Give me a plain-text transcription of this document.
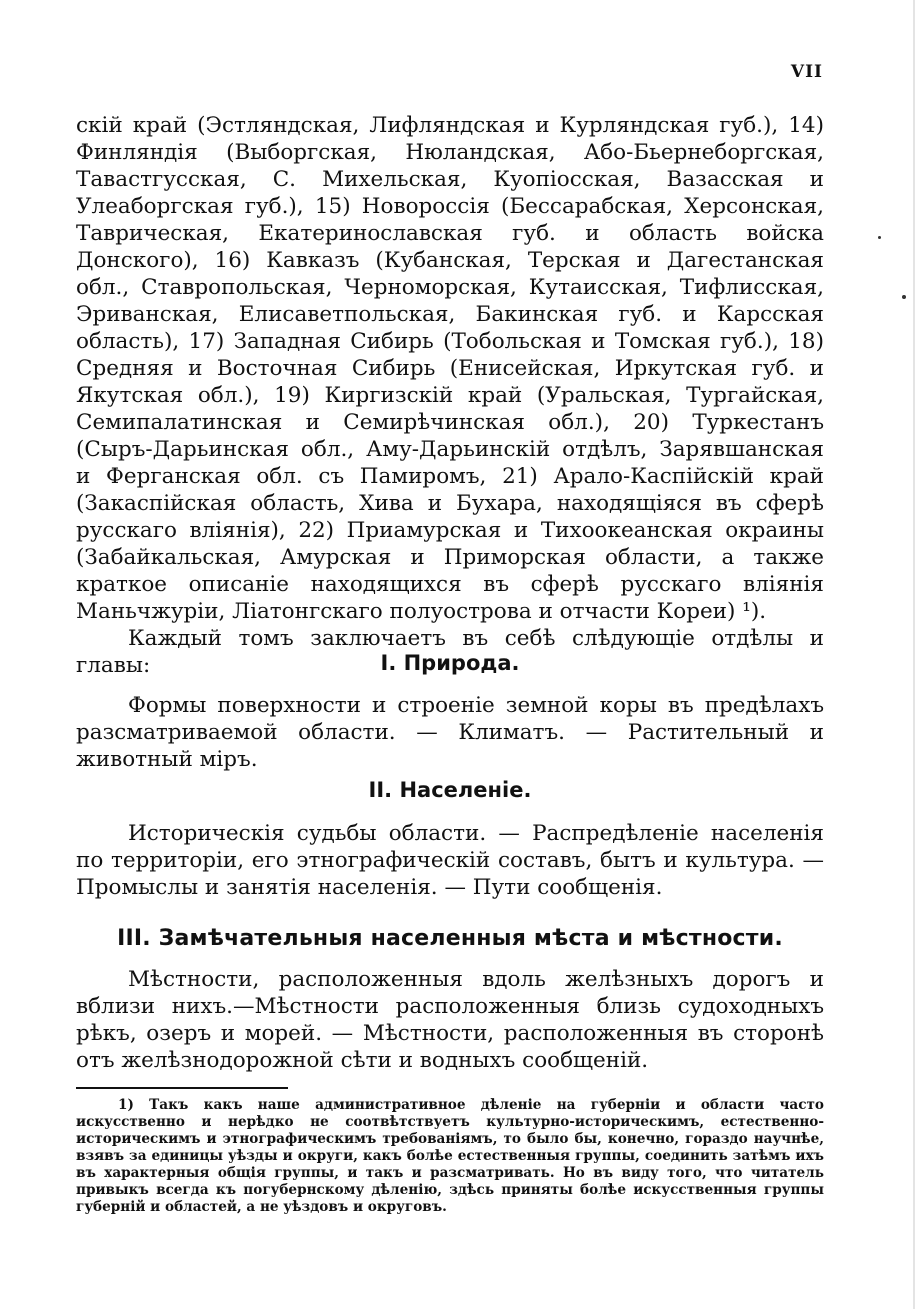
VII

скій край (Эстляндская, Лифляндская и Курляндская губ.), 14) Финляндія (Выборгская, Нюландская, Або-Бьернеборгская, Тавастгусская, С. Михельская, Куопіосская, Вазасская и Улеаборгская губ.), 15) Новороссія (Бессарабская, Херсонская, Таврическая, Екатеринославская губ. и область войска Донского), 16) Кавказъ (Кубанская, Терская и Дагестанская обл., Ставропольская, Черноморская, Кутаисская, Тифлисская, Эриванская, Елисаветпольская, Бакинская губ. и Карсская область), 17) Западная Сибирь (Тобольская и Томская губ.), 18) Средняя и Восточная Сибирь (Енисейская, Иркутская губ. и Якутская обл.), 19) Киргизскій край (Уральская, Тургайская, Семипалатинская и Семирѣчинская обл.), 20) Туркестанъ (Сыръ-Дарьинская обл., Аму-Дарьинскій отдѣлъ, Зарявшанская и Ферганская обл. съ Памиромъ, 21) Арало-Каспійскій край (Закаспійская область, Хива и Бухара, находящіяся въ сферѣ русскаго вліянія), 22) Приамурская и Тихоокеанская окраины (Забайкальская, Амурская и Приморская области, а также краткое описаніе находящихся въ сферѣ русскаго вліянія Маньчжуріи, Ліатонгскаго полуострова и отчасти Кореи) ¹).

Каждый томъ заключаетъ въ себѣ слѣдующіе отдѣлы и главы:	I. Природа.

Формы поверхности и строеніе земной коры въ предѣлахъ разсматриваемой области. — Климатъ. — Растительный и животный міръ.

II. Населеніе.

Историческія судьбы области. — Распредѣленіе населенія по территоріи, его этнографическій составъ, бытъ и культура. — Промыслы и занятія населенія. — Пути сообщенія.

III. Замѣчательныя населенныя мѣста и мѣстности.

Мѣстности, расположенныя вдоль желѣзныхъ дорогъ и вблизи нихъ.—Мѣстности расположенныя близь судоходныхъ рѣкъ, озеръ и морей. — Мѣстности, расположенныя въ сторонѣ отъ желѣзнодорожной сѣти и водныхъ сообщеній.

1) Такъ какъ наше административное дѣленіе на губерніи и области часто искусственно и нерѣдко не соотвѣтствуетъ культурно-историческимъ, естественно-историческимъ и этнографическимъ требованіямъ, то было бы, конечно, гораздо научнѣе, взявъ за единицы уѣзды и округи, какъ болѣе естественныя группы, соединить затѣмъ ихъ въ характерныя общія группы, и такъ и разсматривать. Но въ виду того, что читатель привыкъ всегда къ погубернскому дѣленію, здѣсь приняты болѣе искусственныя группы губерній и областей, а не уѣздовъ и округовъ.
